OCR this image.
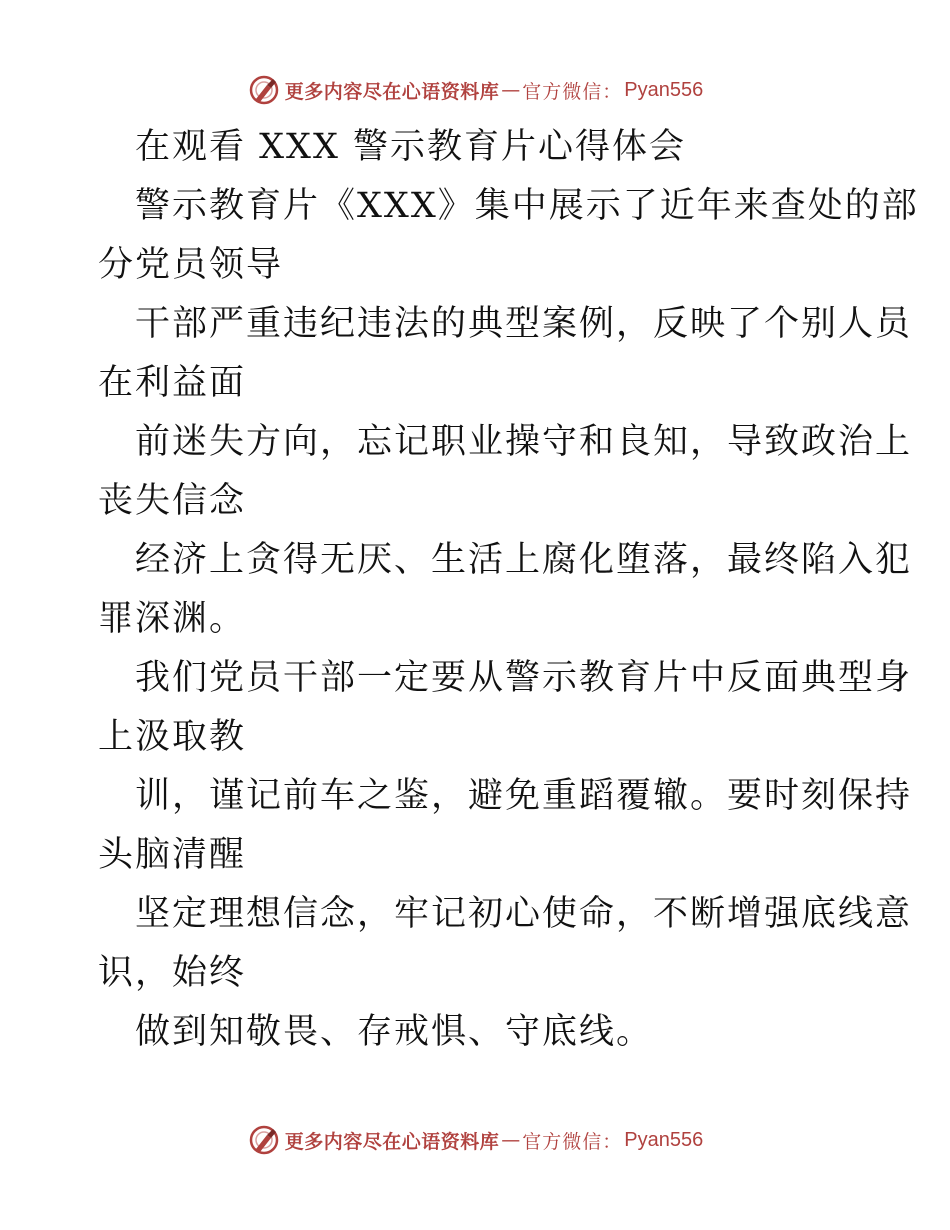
更多内容尽在心语资料库 — 官方微信： Pyan556
在观看 XXX 警示教育片心得体会
警示教育片《XXX》集中展示了近年来查处的部
分党员领导
干部严重违纪违法的典型案例，反映了个别人员
在利益面
前迷失方向，忘记职业操守和良知，导致政治上
丧失信念
经济上贪得无厌、生活上腐化堕落，最终陷入犯
罪深渊。
我们党员干部一定要从警示教育片中反面典型身
上汲取教
训，谨记前车之鉴，避免重蹈覆辙。要时刻保持
头脑清醒
坚定理想信念，牢记初心使命，不断增强底线意
识，始终
做到知敬畏、存戒惧、守底线。
更多内容尽在心语资料库 — 官方微信： Pyan556
